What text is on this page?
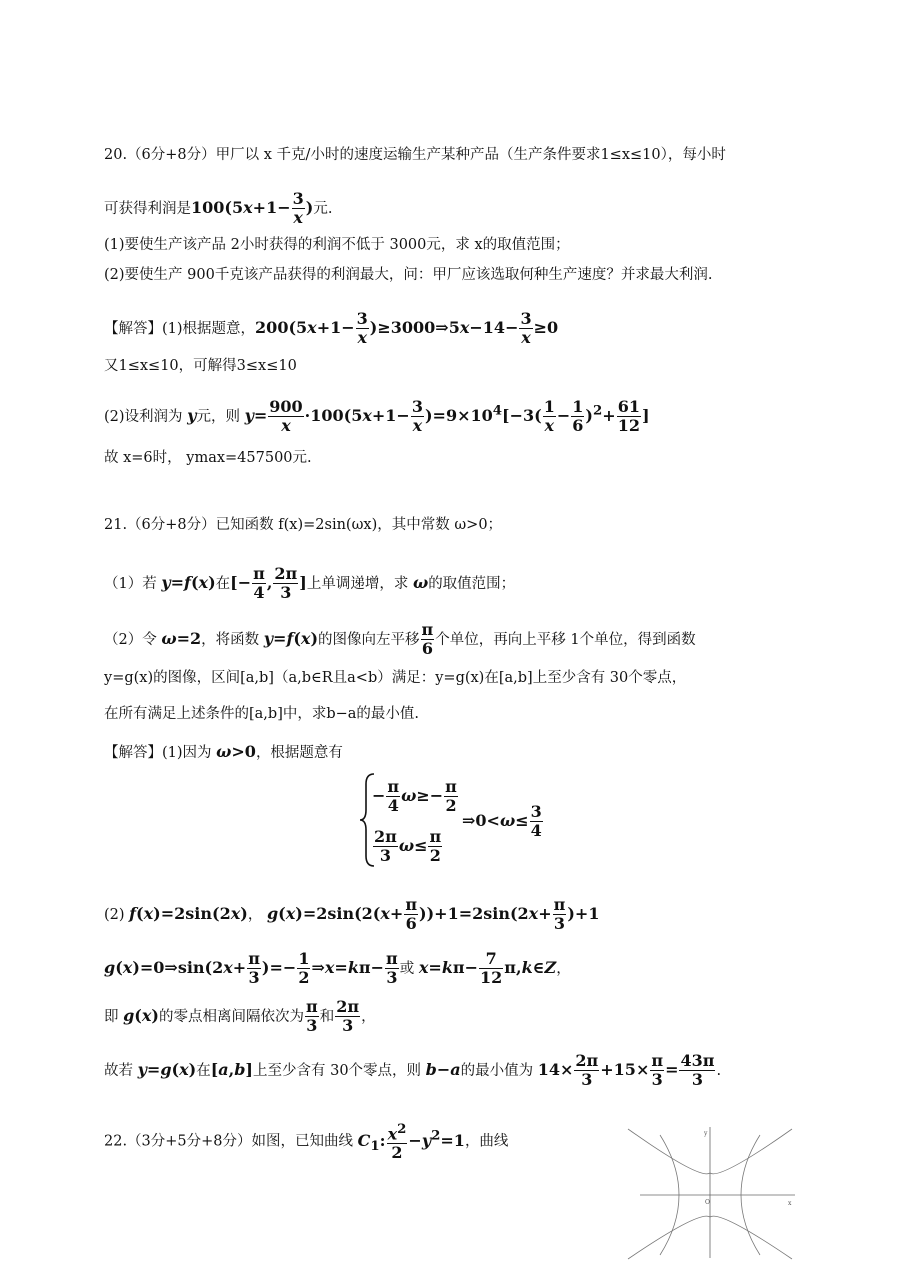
20.（6分+8分）甲厂以 x 千克/小时的速度运输生产某种产品（生产条件要求1≤x≤10），每小时
可获得利润是$100(5x+1- \frac{3}{x}$ )元.
(1)要使生产该产品 2小时获得的利润不低于 3000元，求 x的取值范围；
(2)要使生产 900千克该产品获得的利润最大，问：甲厂应该选取何种生产速度？并求最大利润.
【解答】(1)根据题意，$200(5x+1- \frac{3}{x}$ )≥3000⇒5x−14− $\frac{3}{x} \ge 0$
又1≤x≤10，可解得3≤x≤10
(2)设利润为 y元，则 $y= \frac{900}{x} \cdot 100(5x+1- \frac{3}{x} )=9\times 10^4[-3( \frac{1}{x} - \frac{1}{6} )^2+ \frac{61}{12}$ ]
故 x=6时， ymax=457500元.
21.（6分+8分）已知函数 f(x)=2sin(ωx)，其中常数 ω>0；
（1）若 y=f(x)在[− $\frac{\pi}{4}$ , $\frac{2\pi}{3}$ ]上单调递增，求 ω的取值范围；
（2）令 ω=2，将函数 y=f(x)的图像向左平移 $\frac{\pi}{6}$ 个单位，再向上平移 1个单位，得到函数
y=g(x)的图像，区间[a,b]（a,b∈R且a<b）满足：y=g(x)在[a,b]上至少含有 30个零点，
在所有满足上述条件的[a,b]中，求b−a的最小值.
【解答】(1)因为 ω>0，根据题意有
− $\frac{\pi}{4} \omega\ge- \frac{\pi}{2}$
$\frac{2\pi}{3} \omega\le \frac{\pi}{2}$
⇒0<ω≤ $\frac{3}{4}$
(2) f(x)=2sin(2x)， $g(x)=2\sin(2(x+ \frac{\pi}{6} ))+1=2\sin(2x+ \frac{\pi}{3} )+1$
g(x)=0⇒sin(2x+ $\frac{\pi}{3}$ )=− $\frac{1}{2}$ ⇒x=kπ− $\frac{\pi}{3}$ 或 $x=k\pi- \frac{7}{12}$ π,k∈Z，
即 g(x)的零点相离间隔依次为 $\frac{\pi}{3}$ 和 $\frac{2\pi}{3}$ ，
故若 y=g(x)在[a,b]上至少含有 30个零点，则 b−a的最小值为 $14\times \frac{2\pi}{3} +15\times \frac{\pi}{3} = \frac{43\pi}{3}$ .
22.（3分+5分+8分）如图，已知曲线 $C_1$: $\frac{x^2}{2} -y^2=1$，曲线
y
x
O
